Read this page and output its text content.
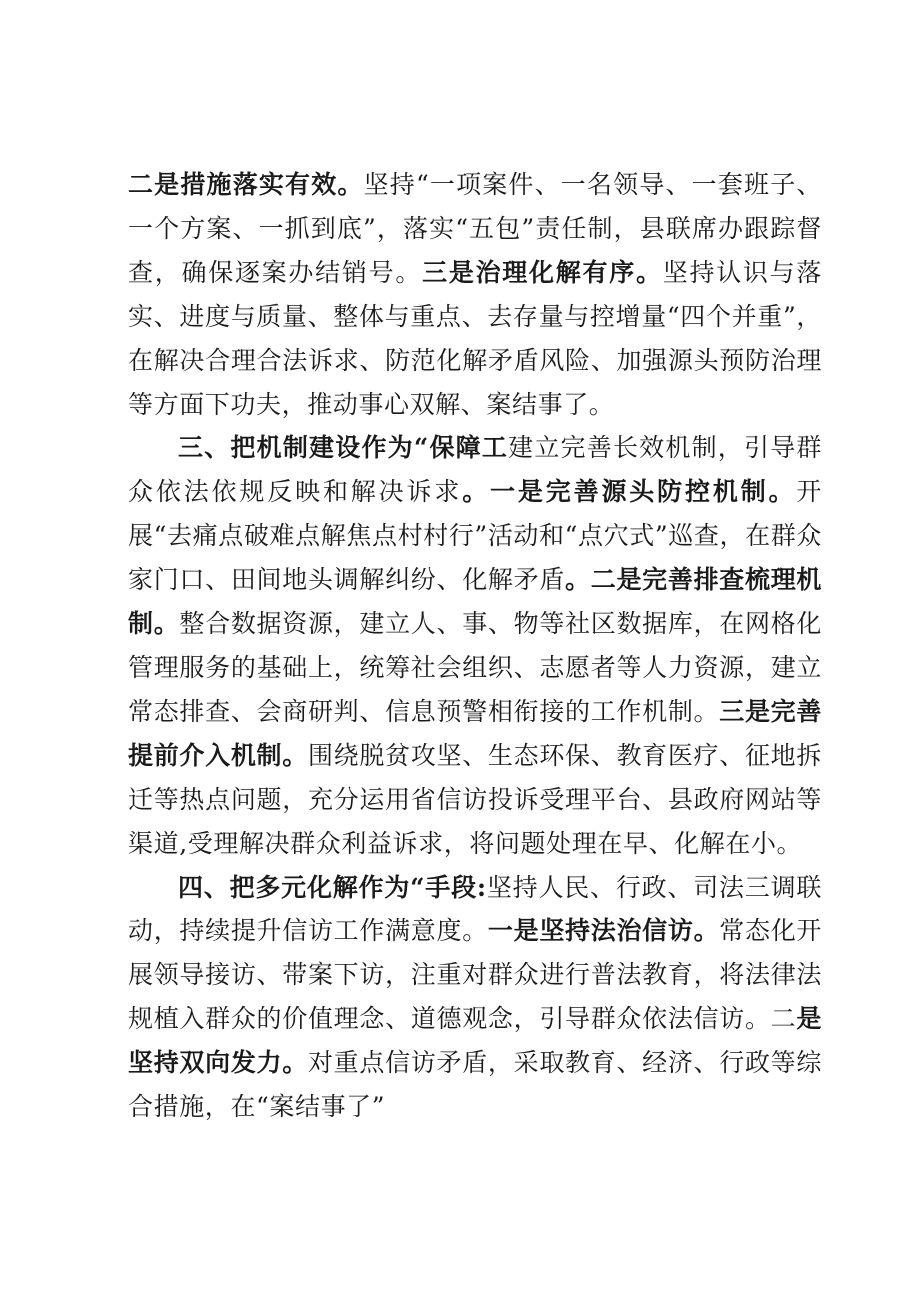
二是措施落实有效。坚持“一项案件、一名领导、一套班子、一个方案、一抓到底”，落实“五包”责任制，县联席办跟踪督查，确保逐案办结销号。三是治理化解有序。坚持认识与落实、进度与质量、整体与重点、去存量与控增量“四个并重”，在解决合理合法诉求、防范化解矛盾风险、加强源头预防治理等方面下功夫，推动事心双解、案结事了。

三、把机制建设作为“保障工建立完善长效机制，引导群众依法依规反映和解决诉求。一是完善源头防控机制。开展“去痛点破难点解焦点村村行”活动和“点穴式”巡查，在群众家门口、田间地头调解纠纷、化解矛盾。二是完善排查梳理机制。整合数据资源，建立人、事、物等社区数据库，在网格化管理服务的基础上，统筹社会组织、志愿者等人力资源，建立常态排查、会商研判、信息预警相衔接的工作机制。三是完善提前介入机制。围绕脱贫攻坚、生态环保、教育医疗、征地拆迁等热点问题，充分运用省信访投诉受理平台、县政府网站等渠道,受理解决群众利益诉求，将问题处理在早、化解在小。

四、把多元化解作为“手段:坚持人民、行政、司法三调联动，持续提升信访工作满意度。一是坚持法治信访。常态化开展领导接访、带案下访，注重对群众进行普法教育，将法律法规植入群众的价值理念、道德观念，引导群众依法信访。二是坚持双向发力。对重点信访矛盾，采取教育、经济、行政等综合措施，在“案结事了”
